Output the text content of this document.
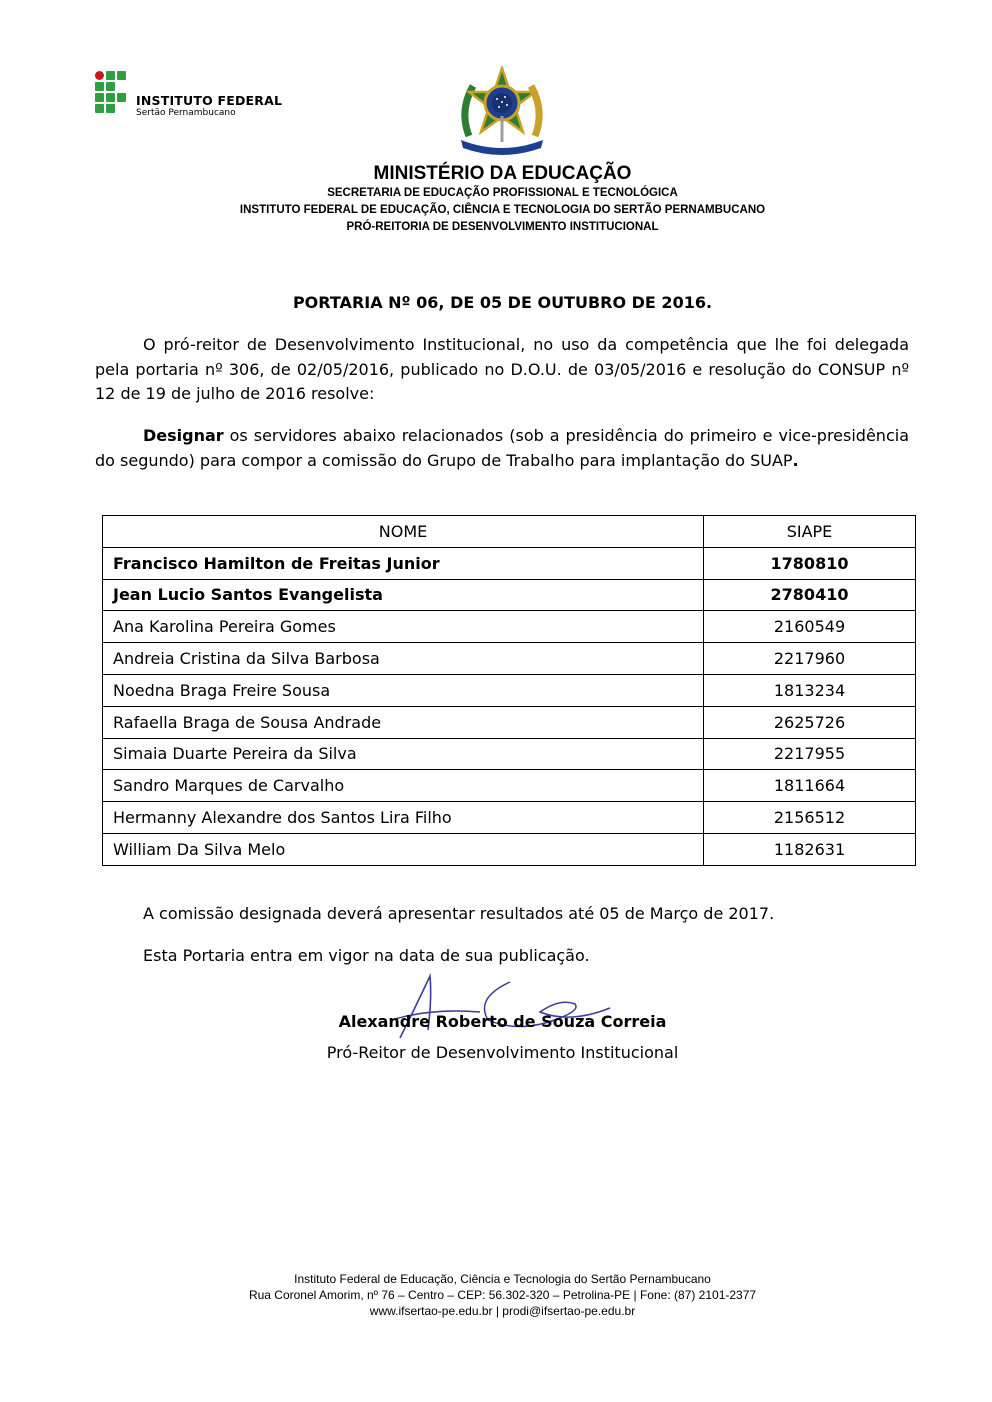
INSTITUTO FEDERAL
Sertão Pernambucano
MINISTÉRIO DA EDUCAÇÃO
SECRETARIA DE EDUCAÇÃO PROFISSIONAL E TECNOLÓGICA
INSTITUTO FEDERAL DE EDUCAÇÃO, CIÊNCIA E TECNOLOGIA DO SERTÃO PERNAMBUCANO
PRÓ-REITORIA DE DESENVOLVIMENTO INSTITUCIONAL
PORTARIA Nº 06, DE 05 DE OUTUBRO DE 2016.

O pró-reitor de Desenvolvimento Institucional, no uso da competência que lhe foi delegada pela portaria nº 306, de 02/05/2016, publicado no D.O.U. de 03/05/2016 e resolução do CONSUP nº 12 de 19 de julho de 2016 resolve:

Designar os servidores abaixo relacionados (sob a presidência do primeiro e vice-presidência do segundo) para compor a comissão do Grupo de Trabalho para implantação do SUAP.

NOME	SIAPE
Francisco Hamilton de Freitas Junior	1780810
Jean Lucio Santos Evangelista	2780410
Ana Karolina Pereira Gomes	2160549
Andreia Cristina da Silva Barbosa	2217960
Noedna Braga Freire Sousa	1813234
Rafaella Braga de Sousa Andrade	2625726
Simaia Duarte Pereira da Silva	2217955
Sandro Marques de Carvalho	1811664
Hermanny Alexandre dos Santos Lira Filho	2156512
William Da Silva Melo	1182631

A comissão designada deverá apresentar resultados até 05 de Março de 2017.

Esta Portaria entra em vigor na data de sua publicação.

Alexandre Roberto de Souza Correia
Pró-Reitor de Desenvolvimento Institucional
Instituto Federal de Educação, Ciência e Tecnologia do Sertão Pernambucano
Rua Coronel Amorim, nº 76 – Centro – CEP: 56.302-320 – Petrolina-PE | Fone: (87) 2101-2377
www.ifsertao-pe.edu.br | prodi@ifsertao-pe.edu.br
